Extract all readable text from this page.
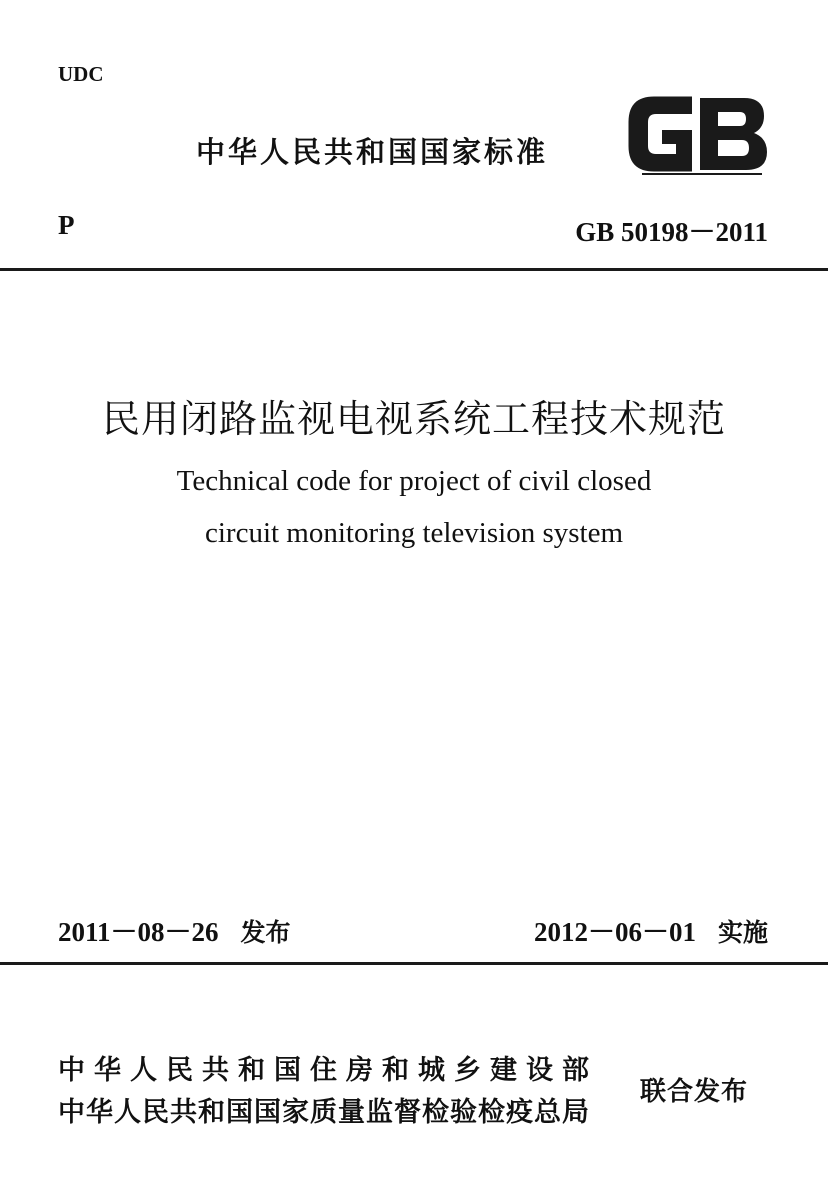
UDC
中华人民共和国国家标准
P	GB 50198－2011
民用闭路监视电视系统工程技术规范
Technical code for project of civil closed
circuit monitoring television system
2011－08－26 发布	2012－06－01 实施
中华人民共和国住房和城乡建设部
中华人民共和国国家质量监督检验检疫总局
联合发布
